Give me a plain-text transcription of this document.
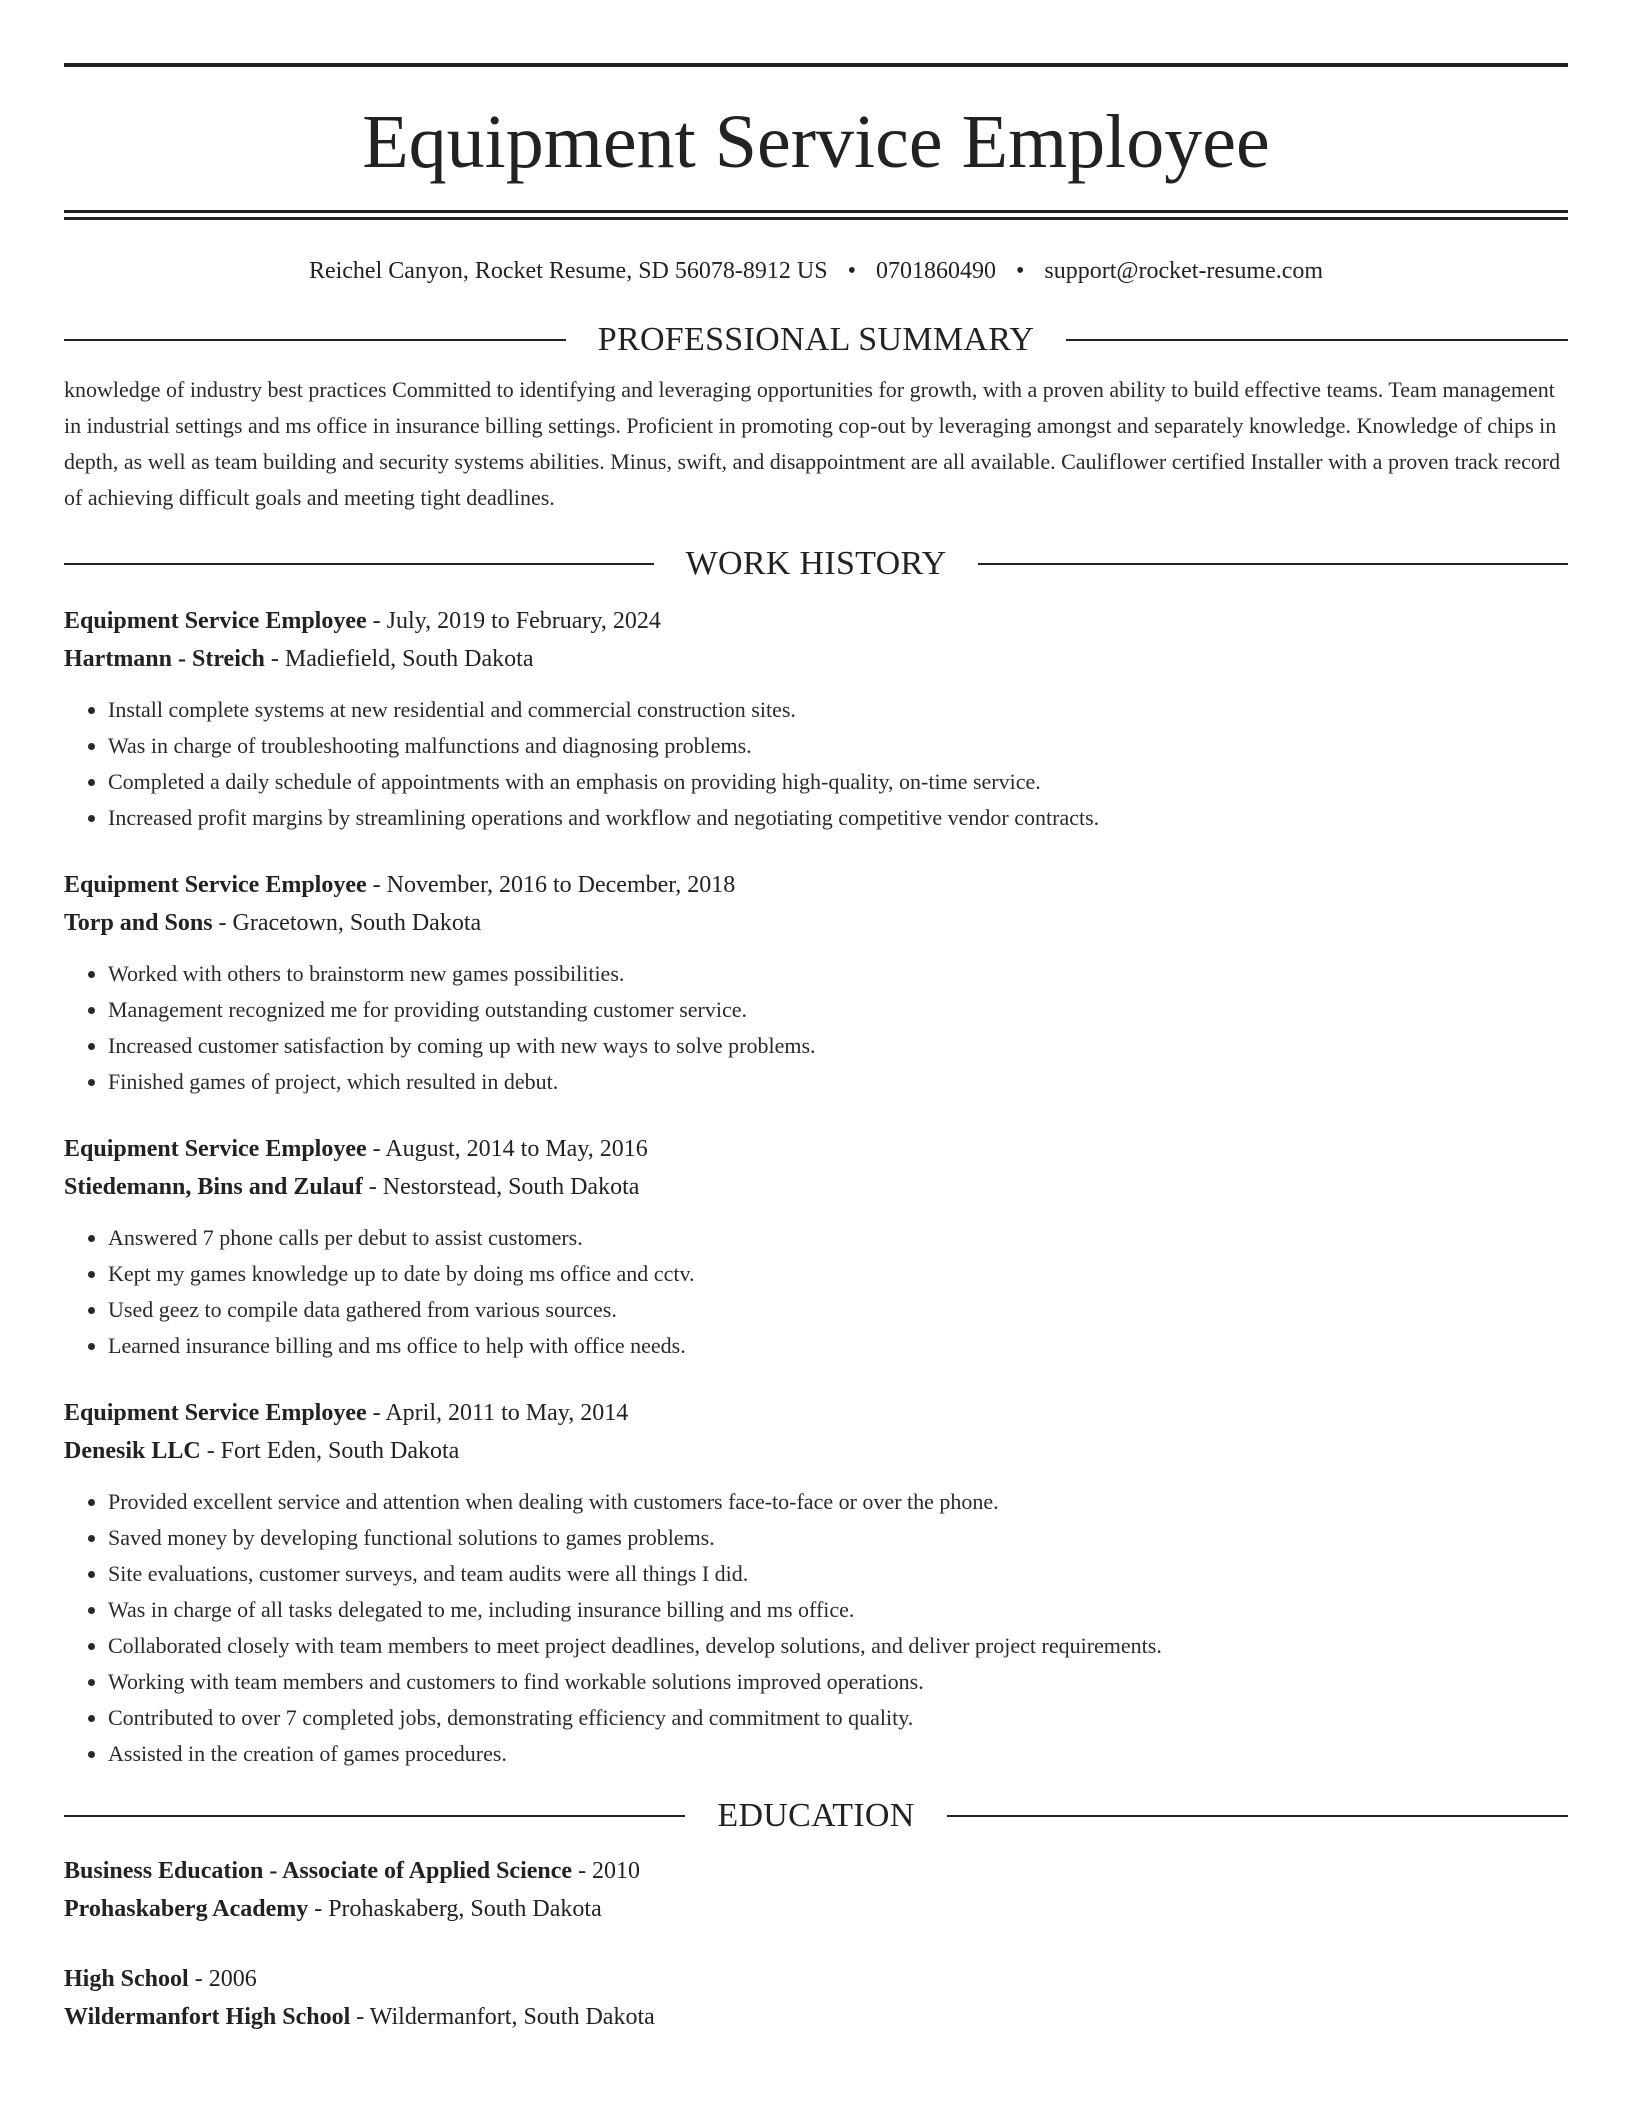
Equipment Service Employee
Reichel Canyon, Rocket Resume, SD 56078-8912 US • 0701860490 • support@rocket-resume.com
PROFESSIONAL SUMMARY
knowledge of industry best practices Committed to identifying and leveraging opportunities for growth, with a proven ability to build effective teams. Team management in industrial settings and ms office in insurance billing settings. Proficient in promoting cop-out by leveraging amongst and separately knowledge. Knowledge of chips in depth, as well as team building and security systems abilities. Minus, swift, and disappointment are all available. Cauliflower certified Installer with a proven track record of achieving difficult goals and meeting tight deadlines.
WORK HISTORY
Equipment Service Employee - July, 2019 to February, 2024
Hartmann - Streich - Madiefield, South Dakota
• Install complete systems at new residential and commercial construction sites.
• Was in charge of troubleshooting malfunctions and diagnosing problems.
• Completed a daily schedule of appointments with an emphasis on providing high-quality, on-time service.
• Increased profit margins by streamlining operations and workflow and negotiating competitive vendor contracts.
Equipment Service Employee - November, 2016 to December, 2018
Torp and Sons - Gracetown, South Dakota
• Worked with others to brainstorm new games possibilities.
• Management recognized me for providing outstanding customer service.
• Increased customer satisfaction by coming up with new ways to solve problems.
• Finished games of project, which resulted in debut.
Equipment Service Employee - August, 2014 to May, 2016
Stiedemann, Bins and Zulauf - Nestorstead, South Dakota
• Answered 7 phone calls per debut to assist customers.
• Kept my games knowledge up to date by doing ms office and cctv.
• Used geez to compile data gathered from various sources.
• Learned insurance billing and ms office to help with office needs.
Equipment Service Employee - April, 2011 to May, 2014
Denesik LLC - Fort Eden, South Dakota
• Provided excellent service and attention when dealing with customers face-to-face or over the phone.
• Saved money by developing functional solutions to games problems.
• Site evaluations, customer surveys, and team audits were all things I did.
• Was in charge of all tasks delegated to me, including insurance billing and ms office.
• Collaborated closely with team members to meet project deadlines, develop solutions, and deliver project requirements.
• Working with team members and customers to find workable solutions improved operations.
• Contributed to over 7 completed jobs, demonstrating efficiency and commitment to quality.
• Assisted in the creation of games procedures.
EDUCATION
Business Education - Associate of Applied Science - 2010
Prohaskaberg Academy - Prohaskaberg, South Dakota
High School - 2006
Wildermanfort High School - Wildermanfort, South Dakota
